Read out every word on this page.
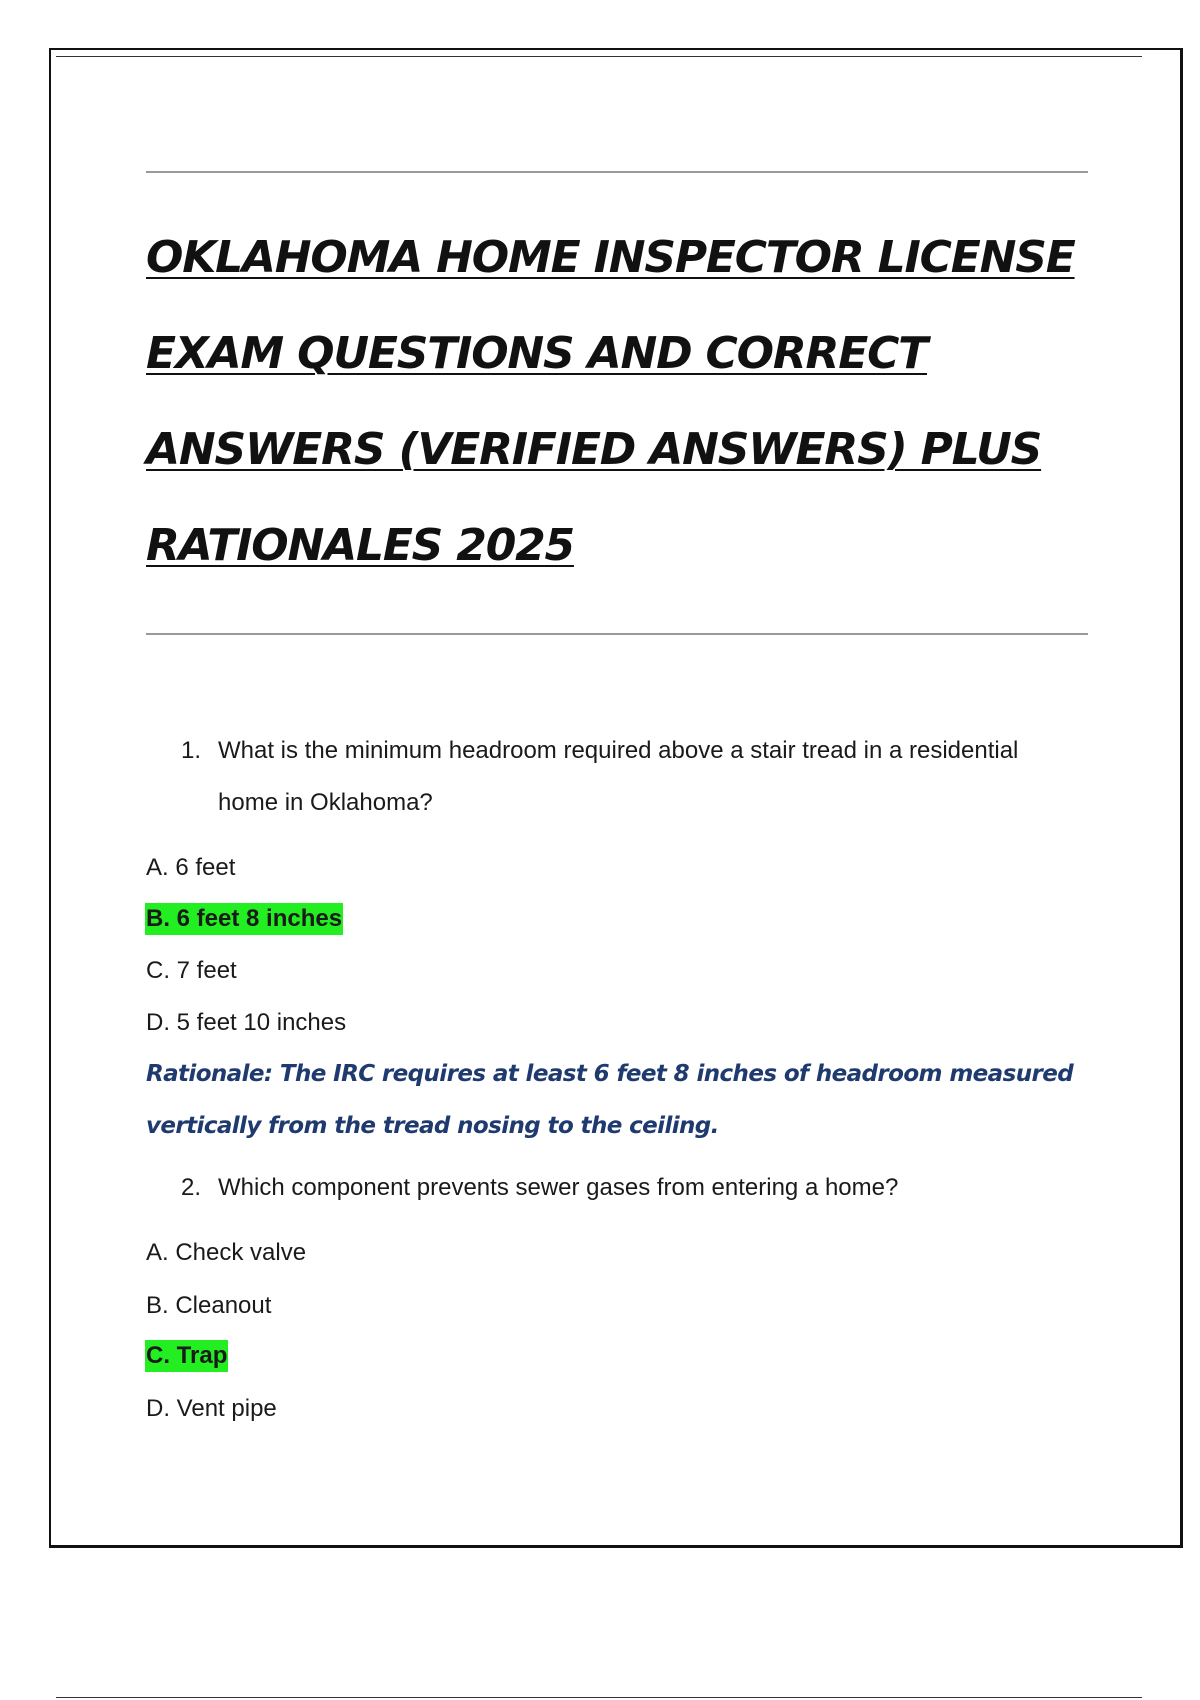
OKLAHOMA HOME INSPECTOR LICENSE
EXAM QUESTIONS AND CORRECT
ANSWERS (VERIFIED ANSWERS) PLUS
RATIONALES 2025
1. What is the minimum headroom required above a stair tread in a residential home in Oklahoma?
A. 6 feet
B. 6 feet 8 inches
C. 7 feet
D. 5 feet 10 inches
Rationale: The IRC requires at least 6 feet 8 inches of headroom measured
vertically from the tread nosing to the ceiling.
2. Which component prevents sewer gases from entering a home?
A. Check valve
B. Cleanout
C. Trap
D. Vent pipe
